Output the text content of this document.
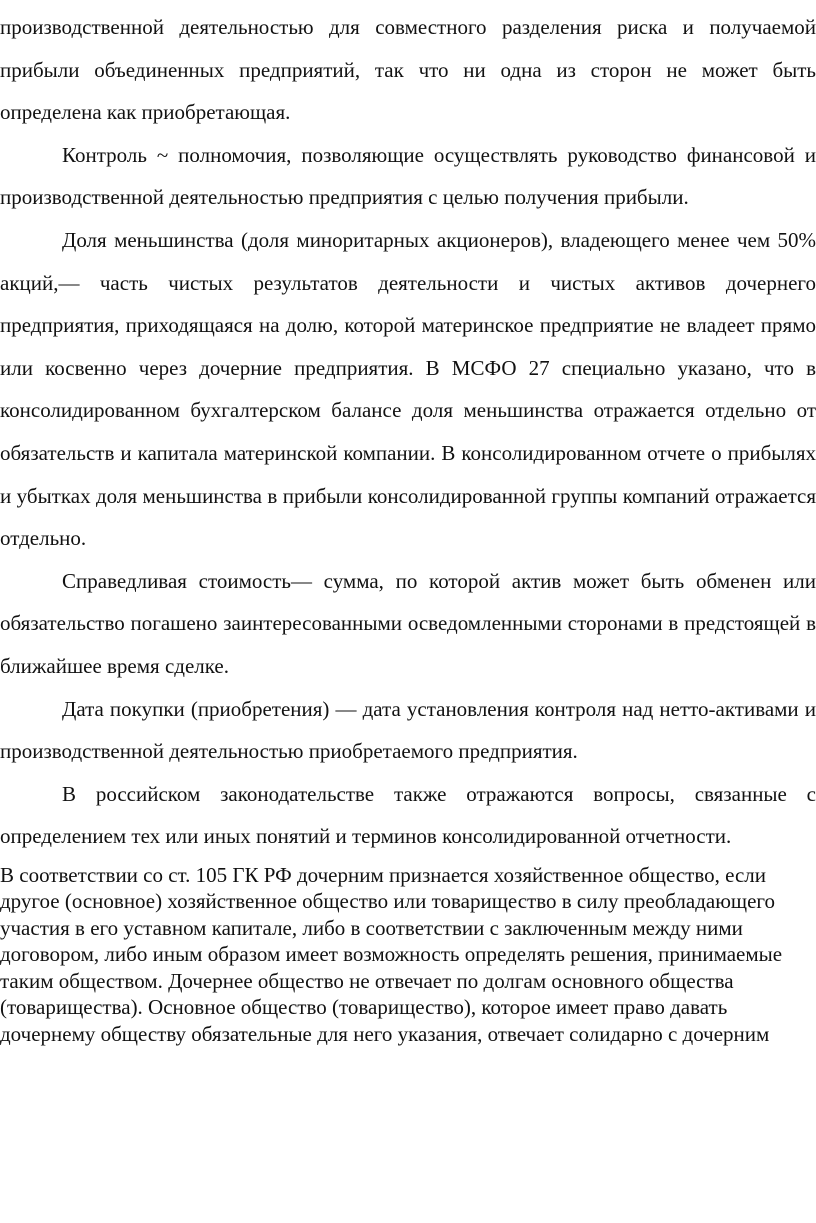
производственной деятельностью для совместного разделения риска и получаемой прибыли объединенных предприятий, так что ни одна из сторон не может быть определена как приобретающая.

Контроль ~ полномочия, позволяющие осуществлять руководство финансовой и производственной деятельностью предприятия с целью получения прибыли.

Доля меньшинства (доля миноритарных акционеров), владеющего менее чем 50% акций,— часть чистых результатов деятельности и чистых активов дочернего предприятия, приходящаяся на долю, которой материнское предприятие не владеет прямо или косвенно через дочерние предприятия. В МСФО 27 специально указано, что в консолидированном бухгалтерском балансе доля меньшинства отражается отдельно от обязательств и капитала материнской компании. В консолидированном отчете о прибылях и убытках доля меньшинства в прибыли консолидированной группы компаний отражается отдельно.

Справедливая стоимость— сумма, по которой актив может быть обменен или обязательство погашено заинтересованными осведомленными сторонами в предстоящей в ближайшее время сделке.

Дата покупки (приобретения) — дата установления контроля над нетто-активами и производственной деятельностью приобретаемого предприятия.

В российском законодательстве также отражаются вопросы, связанные с определением тех или иных понятий и терминов консолидированной отчетности.

В соответствии со ст. 105 ГК РФ дочерним признается хозяйственное общество, если другое (основное) хозяйственное общество или товарищество в силу преобладающего участия в его уставном капитале, либо в соответствии с заключенным между ними договором, либо иным образом имеет возможность определять решения, принимаемые таким обществом. Дочернее общество не отвечает по долгам основного общества (товарищества). Основное общество (товарищество), которое имеет право давать дочернему обществу обязательные для него указания, отвечает солидарно с дочерним
